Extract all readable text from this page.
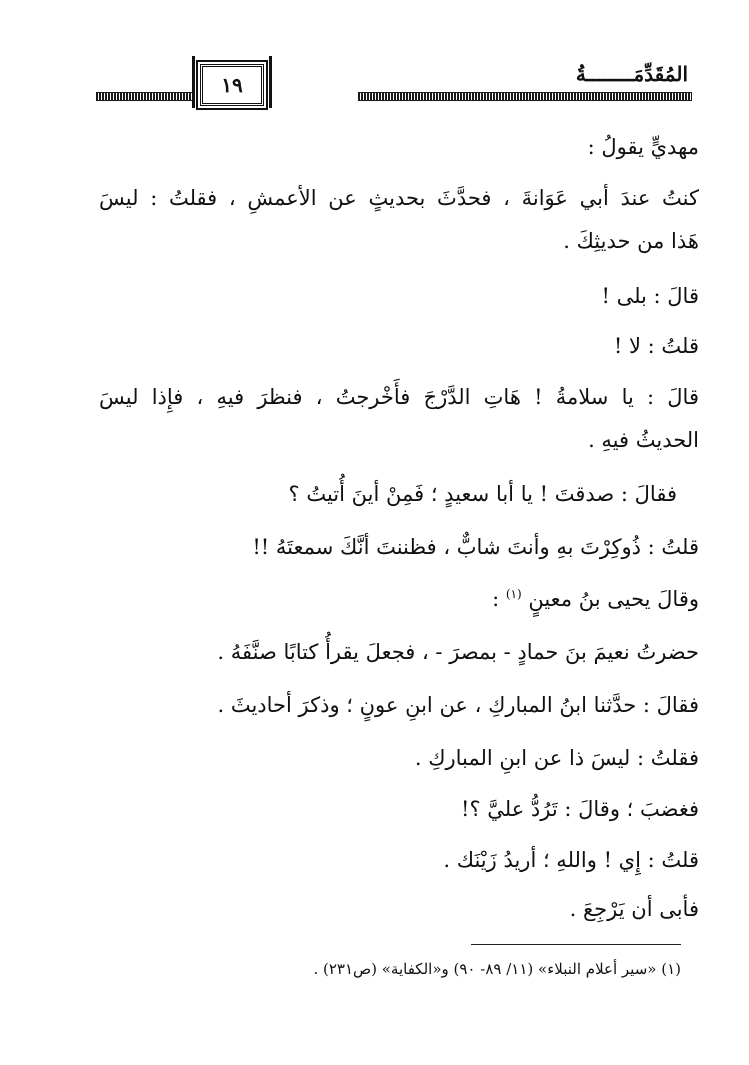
المُقَدِّمَــــــــةُ
١٩
مهديٍّ يقولُ :
كنتُ عندَ أبي عَوَانةَ ، فحدَّثَ بحديثٍ عن الأعمشِ ، فقلتُ : ليسَ
هَذا من حديثِكَ .
قالَ : بلى !
قلتُ : لا !
قالَ : يا سلامةُ ! هَاتِ الدَّرْجَ فأَخْرجتُ ، فنظرَ فيهِ ، فإِذا ليسَ
الحديثُ فيهِ .
فقالَ : صدقتَ ! يا أبا سعيدٍ ؛ فَمِنْ أينَ أُتيتُ ؟
قلتُ : ذُوكِرْتَ بهِ وأنتَ شابٌّ ، فظننتَ أنَّكَ سمعتَهُ !!
وقالَ يحيى بنُ معينٍ $^{(١)}$ :
حضرتُ نعيمَ بنَ حمادٍ - بمصرَ - ، فجعلَ يقرأُ كتابًا صنَّفَهُ .
فقالَ : حدَّثنا ابنُ المباركِ ، عن ابنِ عونٍ ؛ وذكرَ أحاديثَ .
فقلتُ : ليسَ ذا عن ابنِ المباركِ .
فغضبَ ؛ وقالَ : تَرُدُّ عليَّ ؟!
قلتُ : إِي ! واللهِ ؛ أريدُ زَيْنَك .
فأبى أن يَرْجِعَ .
(١) «سير أعلام النبلاء» (١١/ ٨٩- ٩٠) و«الكفاية» (ص٢٣١) .
